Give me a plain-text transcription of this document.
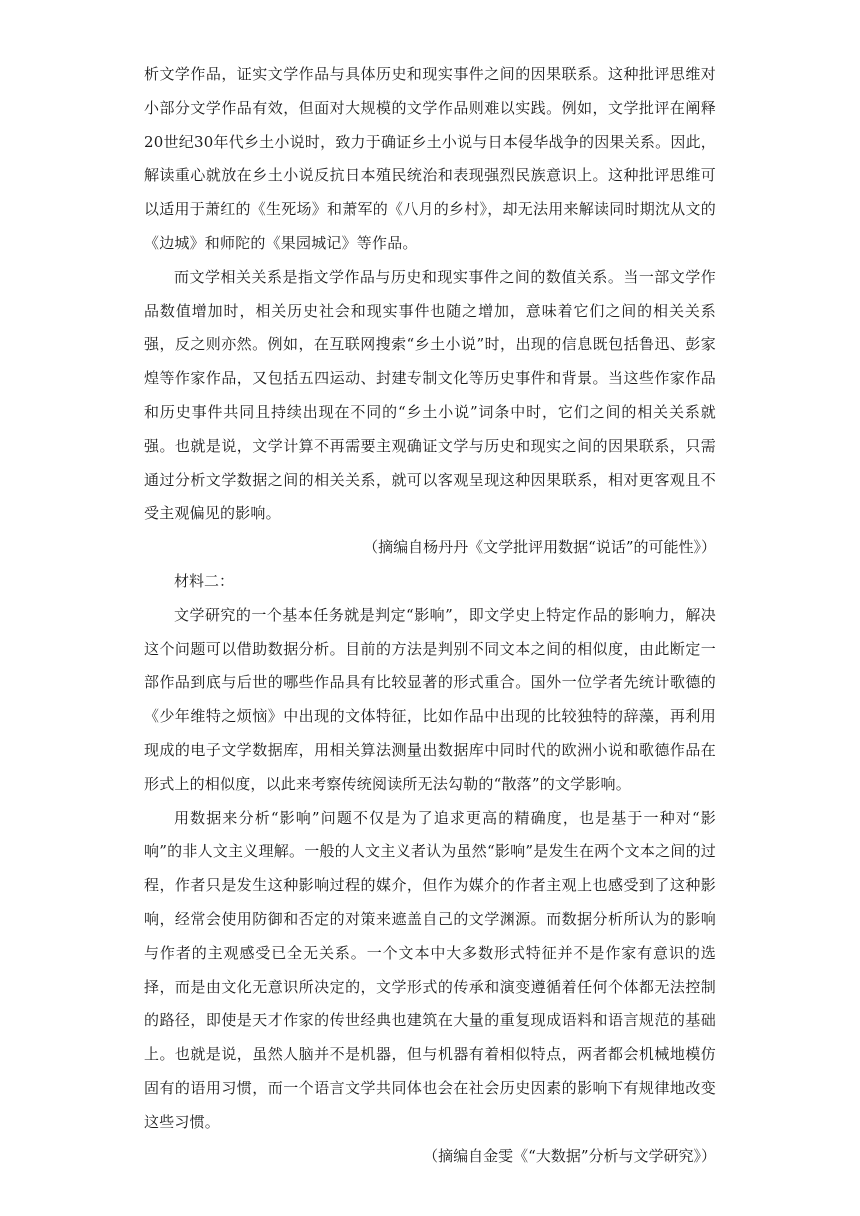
析文学作品，证实文学作品与具体历史和现实事件之间的因果联系。这种批评思维对小部分文学作品有效，但面对大规模的文学作品则难以实践。例如，文学批评在阐释20世纪30年代乡土小说时，致力于确证乡土小说与日本侵华战争的因果关系。因此，解读重心就放在乡土小说反抗日本殖民统治和表现强烈民族意识上。这种批评思维可以适用于萧红的《生死场》和萧军的《八月的乡村》，却无法用来解读同时期沈从文的《边城》和师陀的《果园城记》等作品。

而文学相关关系是指文学作品与历史和现实事件之间的数值关系。当一部文学作品数值增加时，相关历史社会和现实事件也随之增加，意味着它们之间的相关关系强，反之则亦然。例如，在互联网搜索“乡土小说”时，出现的信息既包括鲁迅、彭家煌等作家作品，又包括五四运动、封建专制文化等历史事件和背景。当这些作家作品和历史事件共同且持续出现在不同的“乡土小说”词条中时，它们之间的相关关系就强。也就是说，文学计算不再需要主观确证文学与历史和现实之间的因果联系，只需通过分析文学数据之间的相关关系，就可以客观呈现这种因果联系，相对更客观且不受主观偏见的影响。

（摘编自杨丹丹《文学批评用数据“说话”的可能性》）

材料二：

文学研究的一个基本任务就是判定“影响”，即文学史上特定作品的影响力，解决这个问题可以借助数据分析。目前的方法是判别不同文本之间的相似度，由此断定一部作品到底与后世的哪些作品具有比较显著的形式重合。国外一位学者先统计歌德的《少年维特之烦恼》中出现的文体特征，比如作品中出现的比较独特的辞藻，再利用现成的电子文学数据库，用相关算法测量出数据库中同时代的欧洲小说和歌德作品在形式上的相似度，以此来考察传统阅读所无法勾勒的“散落”的文学影响。

用数据来分析“影响”问题不仅是为了追求更高的精确度，也是基于一种对“影响”的非人文主义理解。一般的人文主义者认为虽然“影响”是发生在两个文本之间的过程，作者只是发生这种影响过程的媒介，但作为媒介的作者主观上也感受到了这种影响，经常会使用防御和否定的对策来遮盖自己的文学渊源。而数据分析所认为的影响与作者的主观感受已全无关系。一个文本中大多数形式特征并不是作家有意识的选择，而是由文化无意识所决定的，文学形式的传承和演变遵循着任何个体都无法控制的路径，即使是天才作家的传世经典也建筑在大量的重复现成语料和语言规范的基础上。也就是说，虽然人脑并不是机器，但与机器有着相似特点，两者都会机械地模仿固有的语用习惯，而一个语言文学共同体也会在社会历史因素的影响下有规律地改变这些习惯。

（摘编自金雯《“大数据”分析与文学研究》）
